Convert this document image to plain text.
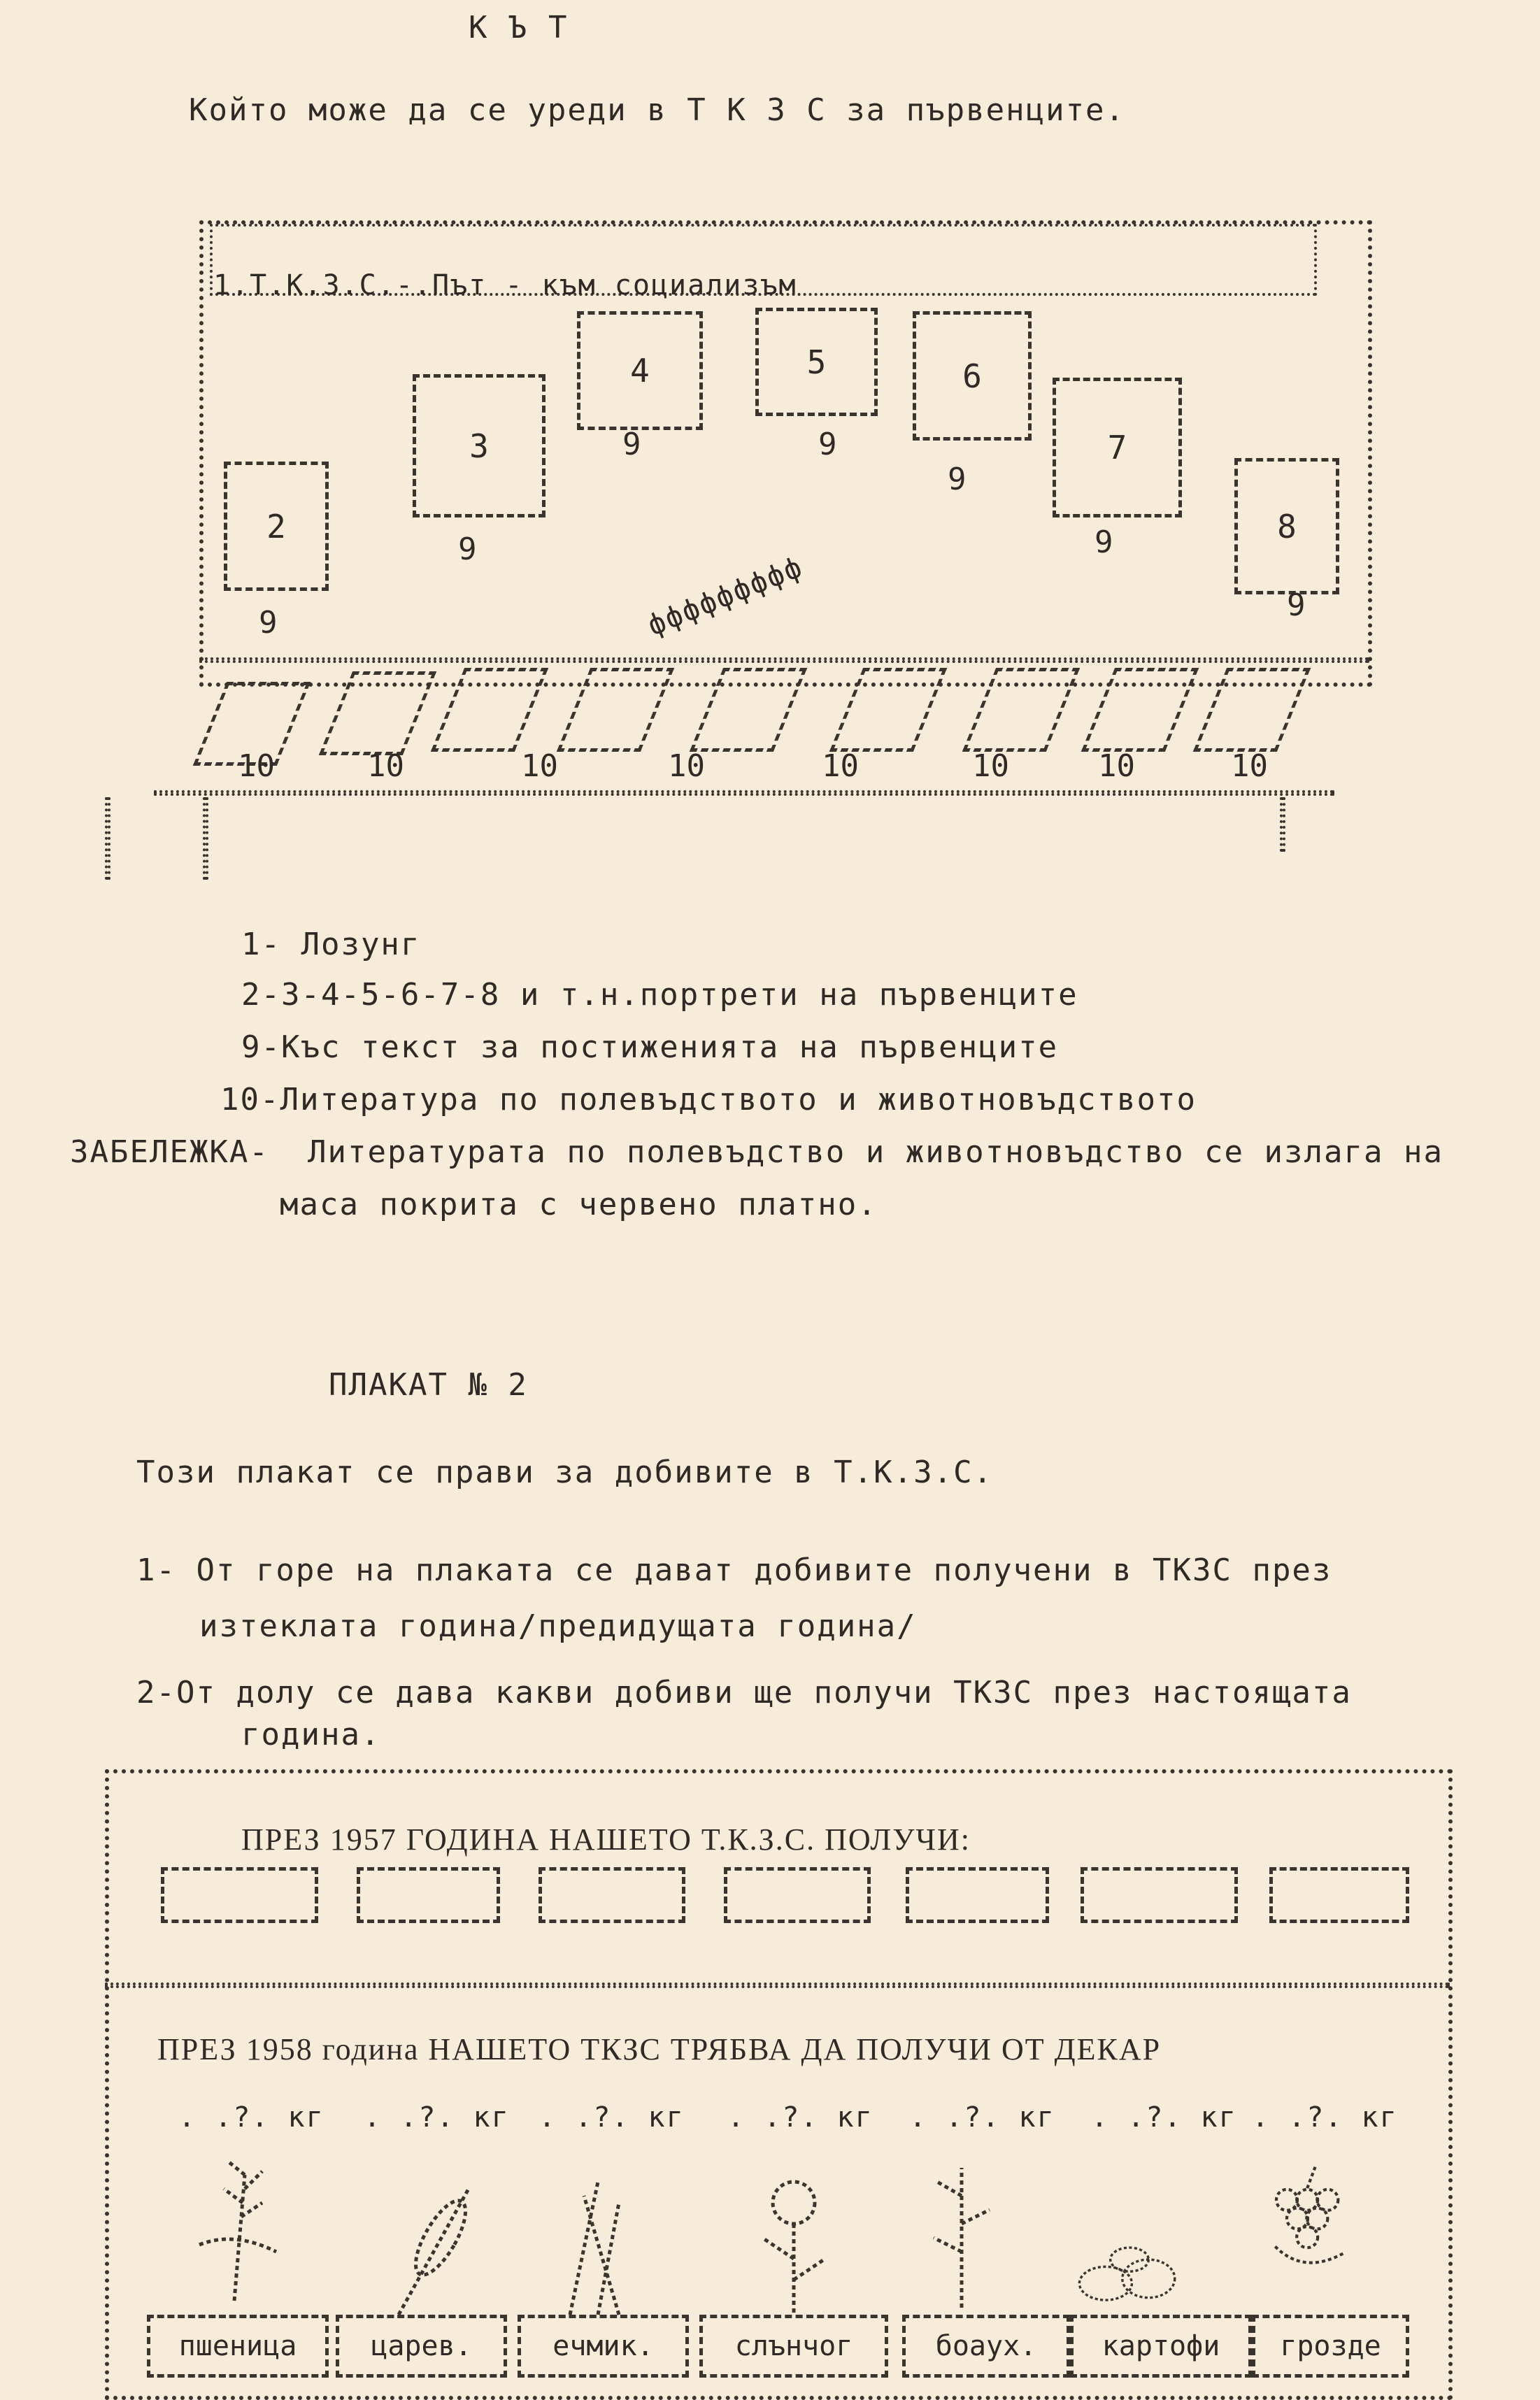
К Ъ Т
Който може да се уреди в Т К З С за първенците.
1.Т.К.З.С.-.Път - към социализъм
2
3
4	5	6
7
8
9
9
9	9
9
9
9
ффффффффф
10	10	10	10	10	10	10	10
1- Лозунг
2-3-4-5-6-7-8 и т.н.портрети на първенците
9-Къс текст за постиженията на първенците
10-Литература по полевъдството и животновъдството
ЗАБЕЛЕЖКА- Литературата по полевъдство и животновъдство се излага на
маса покрита с червено платно.
ПЛАКАТ № 2
Този плакат се прави за добивите в Т.К.З.С.
1- От горе на плаката се дават добивите получени в ТКЗС през
изтеклата година/предидущата година/
2-От долу се дава какви добиви ще получи ТКЗС през настоящата
година.
ПРЕЗ 1957 ГОДИНА НАШЕТО Т.К.З.С. ПОЛУЧИ:
ПРЕЗ 1958 година НАШЕТО ТКЗС ТРЯБВА ДА ПОЛУЧИ ОТ ДЕКАР
. .?. кг . .?. кг . .?. кг . .?. кг . .?. кг . .?. кг . .?. кг
пшеница	царев.	ечмик.	слънчог	боаух.	картофи	грозде
